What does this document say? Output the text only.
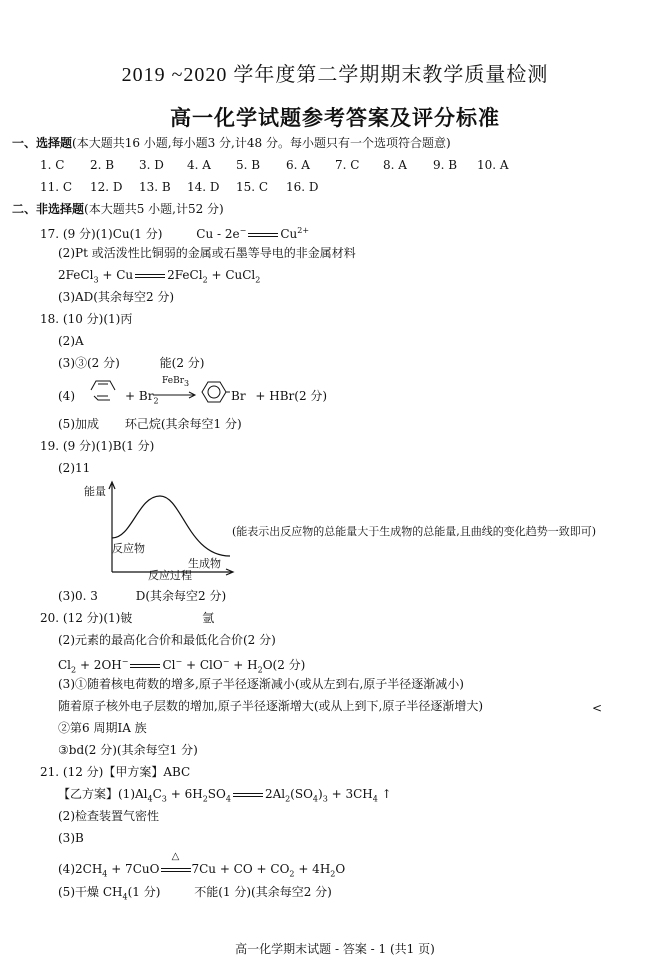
2019 ~2020 学年度第二学期期末教学质量检测
高一化学试题参考答案及评分标准
一、选择题(本大题共16 小题,每小题3 分,计48 分。每小题只有一个选项符合题意)
1. C 2. B 3. D 4. A 5. B 6. A 7. C 8. A 9. B 10. A
11. C 12. D 13. B 14. D 15. C 16. D
二、非选择题(本大题共5 小题,计52 分)
17. (9 分)(1)Cu(1 分)	Cu - 2e−	$Cu^{2+}$
(2)Pt 或活泼性比铜弱的金属或石墨等导电的非金属材料
2FeCl$_3$ + Cu	2FeCl$_2$ + CuCl$_2$
(3)AD(其余每空2 分)
18. (10 分)(1)丙
(2)A
(3)③(2 分)	能(2 分)
(4)	+ $Br_2$
FeBr$_3$
Br + HBr(2 分)
(5)加成 环己烷(其余每空1 分)
19. (9 分)(1)B(1 分)
(2)11
能量
反应物
生成物
反应过程
(能表示出反应物的总能量大于生成物的总能量,且曲线的变化趋势一致即可)
(3)0. 3	D(其余每空2 分)
20. (12 分)(1)铍	氩
(2)元素的最高化合价和最低化合价(2 分)
$Cl_2 + 2OH^-$	$Cl^- + ClO^- + H_2O(2$ 分)
(3)①随着核电荷数的增多,原子半径逐渐减小(或从左到右,原子半径逐渐减小)
随着原子核外电子层数的增加,原子半径逐渐增大(或从上到下,原子半径逐渐增大)	<
②第6 周期ⅠA 族
③bd(2 分)(其余每空1 分)
21. (12 分)【甲方案】ABC
【乙方案】$(1)Al_4C_3 + 6H_2SO_4$	$2Al_2(SO_4)_3 + 3CH_4$ ↑
(2)检查装置气密性
(3)B
$(4)2CH_4 + 7CuO$
△
7Cu + CO + $CO_2 + 4H_2O$
(5)干燥 $CH_4(1$ 分)	不能(1 分)(其余每空2 分)
高一化学期末试题 - 答案 - 1 (共1 页)
